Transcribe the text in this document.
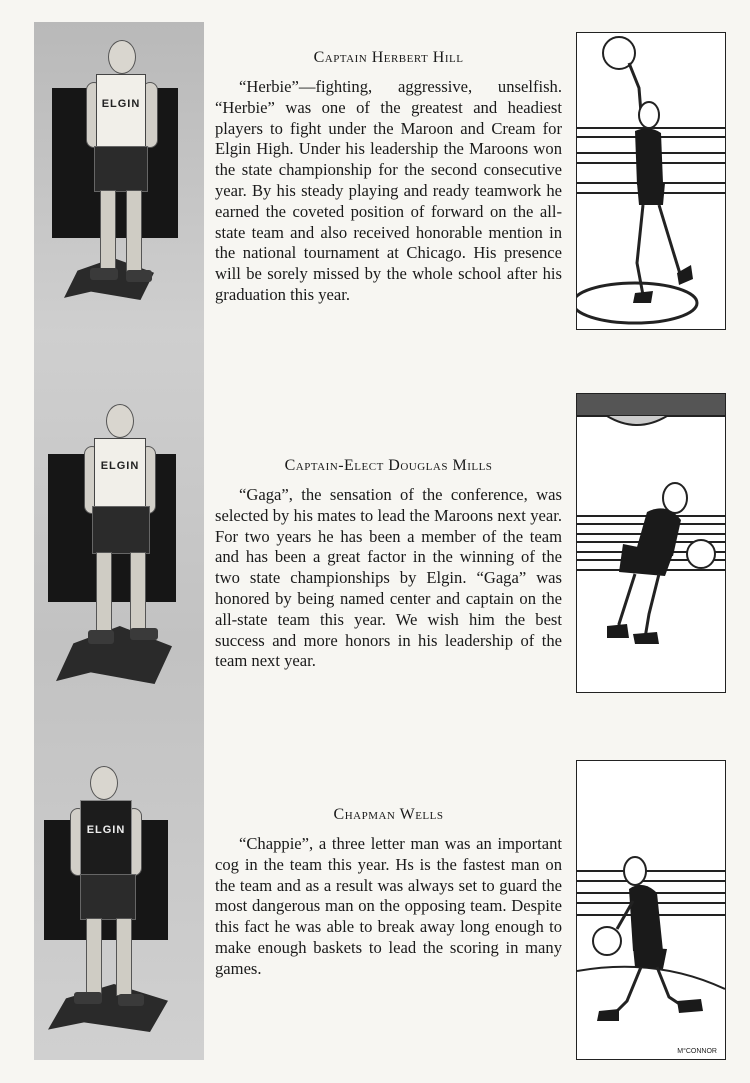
ELGIN
ELGIN
ELGIN
Captain Herbert Hill

“Herbie”—fighting, aggressive, unselfish. “Herbie” was one of the greatest and headiest players to fight under the Maroon and Cream for Elgin High. Under his leadership the Maroons won the state championship for the second consecutive year. By his steady playing and ready teamwork he earned the coveted position of forward on the all-state team and also received honorable mention in the national tournament at Chicago. His presence will be sorely missed by the whole school after his graduation this year.

Captain-Elect Douglas Mills

“Gaga”, the sensation of the conference, was selected by his mates to lead the Maroons next year. For two years he has been a member of the team and has been a great factor in the winning of the two state championships by Elgin. “Gaga” was honored by being named center and captain on the all-state team this year. We wish him the best success and more honors in his leadership of the team next year.

Chapman Wells

“Chappie”, a three letter man was an important cog in the team this year. Hs is the fastest man on the team and as a result was always set to guard the most dangerous man on the opposing team. Despite this fact he was able to break away long enough to make enough baskets to lead the scoring in many games.

M°CONNOR
